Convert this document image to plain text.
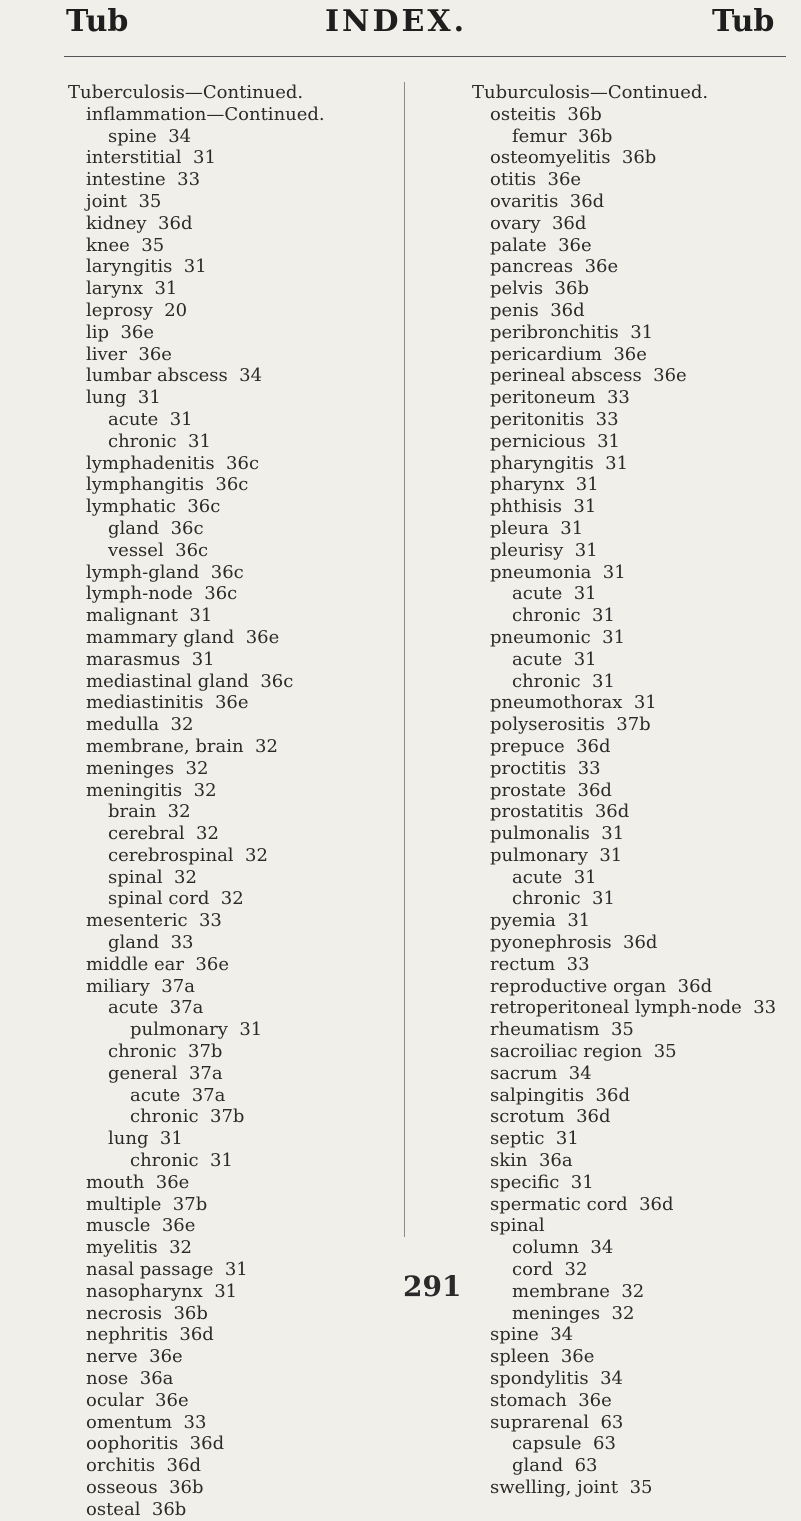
Tub	INDEX.	Tub
Tuberculosis—Continued.
inflammation—Continued.
spine  34
interstitial  31
intestine  33
joint  35
kidney  36d
knee  35
laryngitis  31
larynx  31
leprosy  20
lip  36e
liver  36e
lumbar abscess  34
lung  31
acute  31
chronic  31
lymphadenitis  36c
lymphangitis  36c
lymphatic  36c
gland  36c
vessel  36c
lymph-gland  36c
lymph-node  36c
malignant  31
mammary gland  36e
marasmus  31
mediastinal gland  36c
mediastinitis  36e
medulla  32
membrane, brain  32
meninges  32
meningitis  32
brain  32
cerebral  32
cerebrospinal  32
spinal  32
spinal cord  32
mesenteric  33
gland  33
middle ear  36e
miliary  37a
acute  37a
pulmonary  31
chronic  37b
general  37a
acute  37a
chronic  37b
lung  31
chronic  31
mouth  36e
multiple  37b
muscle  36e
myelitis  32
nasal passage  31
nasopharynx  31
necrosis  36b
nephritis  36d
nerve  36e
nose  36a
ocular  36e
omentum  33
oophoritis  36d
orchitis  36d
osseous  36b
osteal  36b
Tuburculosis—Continued.
osteitis  36b
femur  36b
osteomyelitis  36b
otitis  36e
ovaritis  36d
ovary  36d
palate  36e
pancreas  36e
pelvis  36b
penis  36d
peribronchitis  31
pericardium  36e
perineal abscess  36e
peritoneum  33
peritonitis  33
pernicious  31
pharyngitis  31
pharynx  31
phthisis  31
pleura  31
pleurisy  31
pneumonia  31
acute  31
chronic  31
pneumonic  31
acute  31
chronic  31
pneumothorax  31
polyserositis  37b
prepuce  36d
proctitis  33
prostate  36d
prostatitis  36d
pulmonalis  31
pulmonary  31
acute  31
chronic  31
pyemia  31
pyonephrosis  36d
rectum  33
reproductive organ  36d
retroperitoneal lymph-node  33
rheumatism  35
sacroiliac region  35
sacrum  34
salpingitis  36d
scrotum  36d
septic  31
skin  36a
specific  31
spermatic cord  36d
spinal
column  34
cord  32
membrane  32
meninges  32
spine  34
spleen  36e
spondylitis  34
stomach  36e
suprarenal  63
capsule  63
gland  63
swelling, joint  35
291
